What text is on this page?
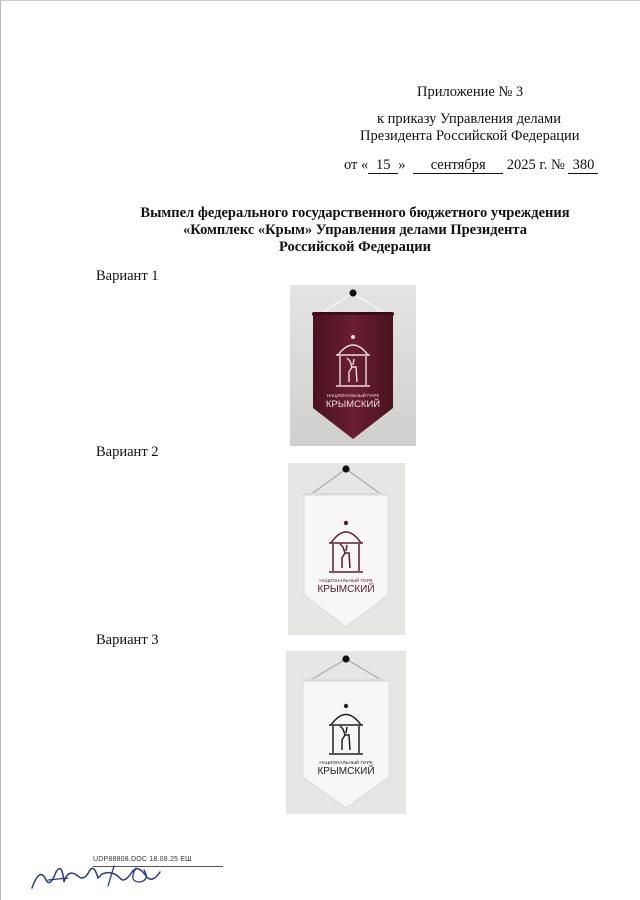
Приложение № 3
к приказу Управления делами
Президента Российской Федерации
от « 15 » сентября 2025 г. № 380
Вымпел федерального государственного бюджетного учреждения
«Комплекс «Крым» Управления делами Президента
Российской Федерации
Вариант 1
Вариант 2
Вариант 3
НАЦИОНАЛЬНЫЙ ПАРК
КРЫМСКИЙ
НАЦИОНАЛЬНЫЙ ПАРК
КРЫМСКИЙ
НАЦИОНАЛЬНЫЙ ПАРК
КРЫМСКИЙ
UDP88808.DOC 18.08.25 ЕШ
